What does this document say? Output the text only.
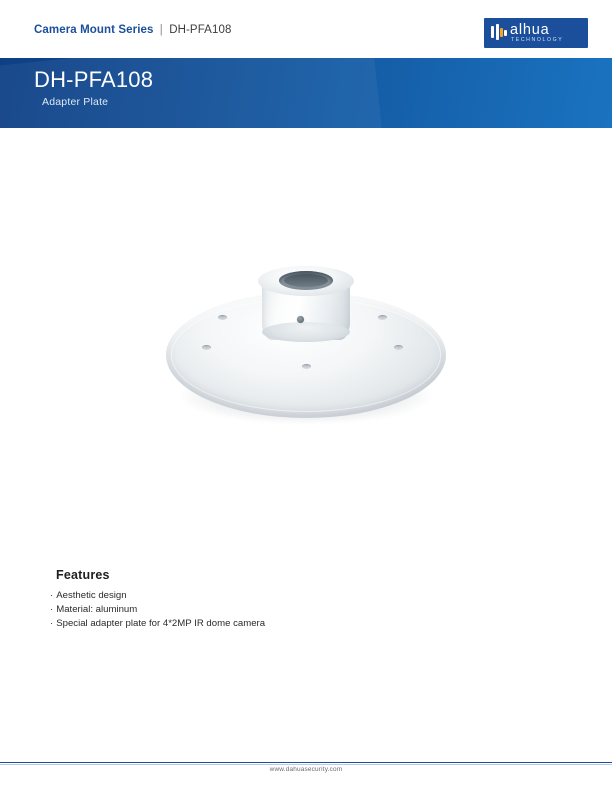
Camera Mount Series | DH-PFA108	alhua
TECHNOLOGY
DH-PFA108
Adapter Plate
Features
· Aesthetic design
· Material: aluminum
· Special adapter plate for 4*2MP IR dome camera
www.dahuasecurity.com
